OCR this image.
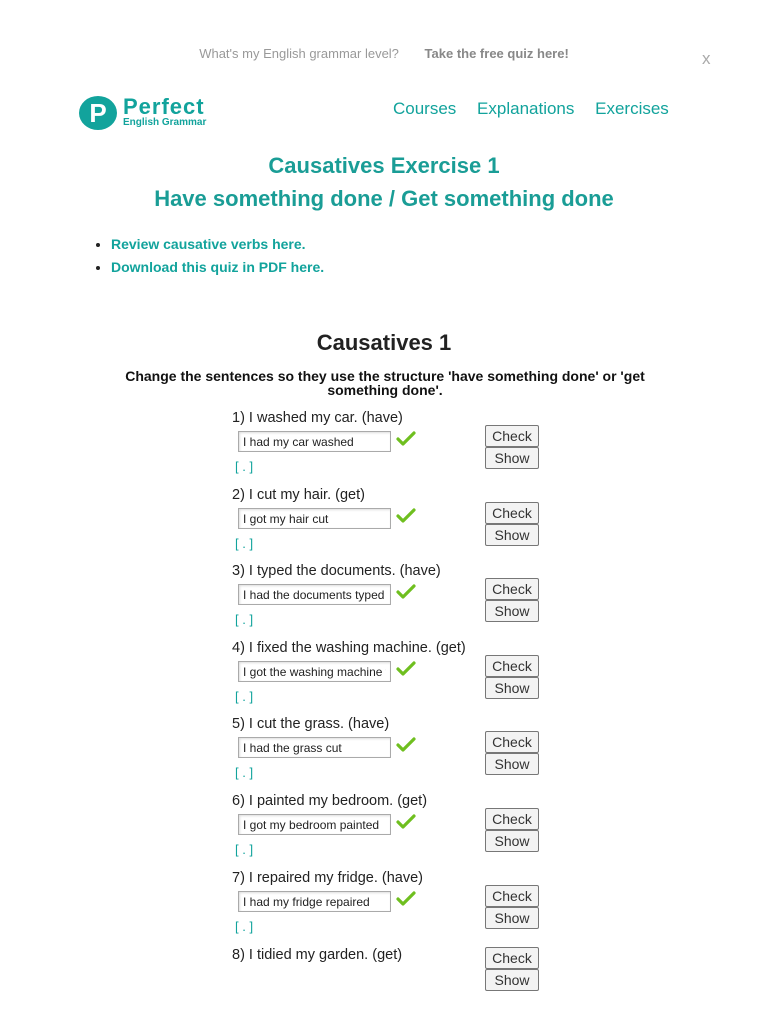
What's my English grammar level? Take the free quiz here!	x
P Perfect
English Grammar
Courses Explanations Exercises
Causatives Exercise 1
Have something done / Get something done
• Review causative verbs here.
• Download this quiz in PDF here.
Causatives 1
Change the sentences so they use the structure 'have something done' or 'get something done'.
1) I washed my car. (have)
I had my car washed
[ . ]
Check
Show
2) I cut my hair. (get)
I got my hair cut
[ . ]
Check
Show
3) I typed the documents. (have)
I had the documents typed
[ . ]
Check
Show
4) I fixed the washing machine. (get)
I got the washing machine fixed
[ . ]
Check
Show
5) I cut the grass. (have)
I had the grass cut
[ . ]
Check
Show
6) I painted my bedroom. (get)
I got my bedroom painted
[ . ]
Check
Show
7) I repaired my fridge. (have)
I had my fridge repaired
[ . ]
Check
Show
8) I tidied my garden. (get)	Check
Show
